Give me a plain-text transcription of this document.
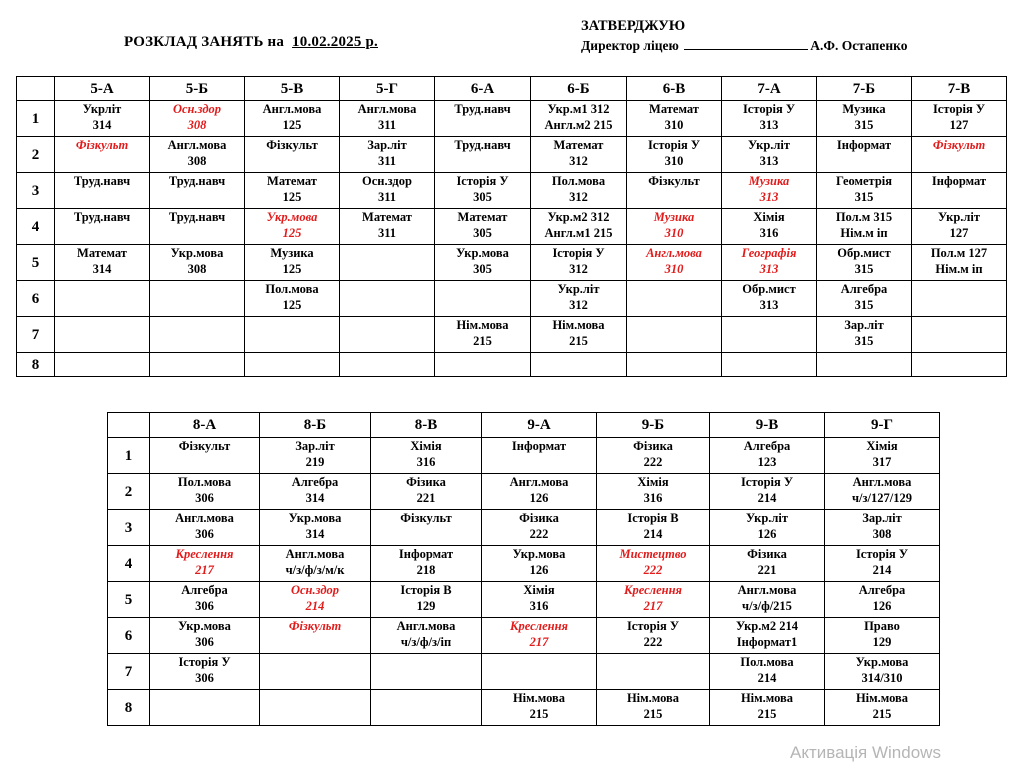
РОЗКЛАД ЗАНЯТЬ на 10.02.2025 р.
ЗАТВЕРДЖУЮ
Директор ліцею	А.Ф. Остапенко
	5-А	5-Б	5-В	5-Г	6-А	6-Б	6-В	7-А	7-Б	7-В
1	Укрліт
314	Осн.здор
308	Англ.мова
125	Англ.мова
311	Труд.навч	Укр.м1 312
Англ.м2 215	Математ
310	Історія У
313	Музика
315	Історія У
127

2	Фізкульт	Англ.мова
308	Фізкульт	Зар.літ
311	Труд.навч	Математ
312	Історія У
310	Укр.літ
313	Інформат	Фізкульт

3	Труд.навч	Труд.навч	Математ
125	Осн.здор
311	Історія У
305	Пол.мова
312	Фізкульт	Музика
313	Геометрія
315	Інформат

4	Труд.навч	Труд.навч	Укр.мова
125	Математ
311	Математ
305	Укр.м2 312
Англ.м1 215	Музика
310	Хімія
316	Пол.м 315
Нім.м іп	Укр.літ
127

5	Математ
314	Укр.мова
308	Музика
125		Укр.мова
305	Історія У
312	Англ.мова
310	Географія
313	Обр.мист
315	Пол.м 127
Нім.м іп

6			Пол.мова
125			Укр.літ
312		Обр.мист
313	Алгебра
315	

7					Нім.мова
215	Нім.мова
215			Зар.літ
315	

8	

	8-А	8-Б	8-В	9-А	9-Б	9-В	9-Г
1	Фізкульт	Зар.літ
219	Хімія
316	Інформат	Фізика
222	Алгебра
123	Хімія
317

2	Пол.мова
306	Алгебра
314	Фізика
221	Англ.мова
126	Хімія
316	Історія У
214	Англ.мова
ч/з/127/129

3	Англ.мова
306	Укр.мова
314	Фізкульт	Фізика
222	Історія В
214	Укр.літ
126	Зар.літ
308

4	Креслення
217	Англ.мова
ч/з/ф/з/м/к	Інформат
218	Укр.мова
126	Мистецтво
222	Фізика
221	Історія У
214

5	Алгебра
306	Осн.здор
214	Історія В
129	Хімія
316	Креслення
217	Англ.мова
ч/з/ф/215	Алгебра
126

6	Укр.мова
306	Фізкульт	Англ.мова
ч/з/ф/з/іп	Креслення
217	Історія У
222	Укр.м2 214
Інформат1	Право
129

7	Історія У
306					Пол.мова
214	Укр.мова
314/310

8				Нім.мова
215	Нім.мова
215	Нім.мова
215	Нім.мова
215
Активація Windows
